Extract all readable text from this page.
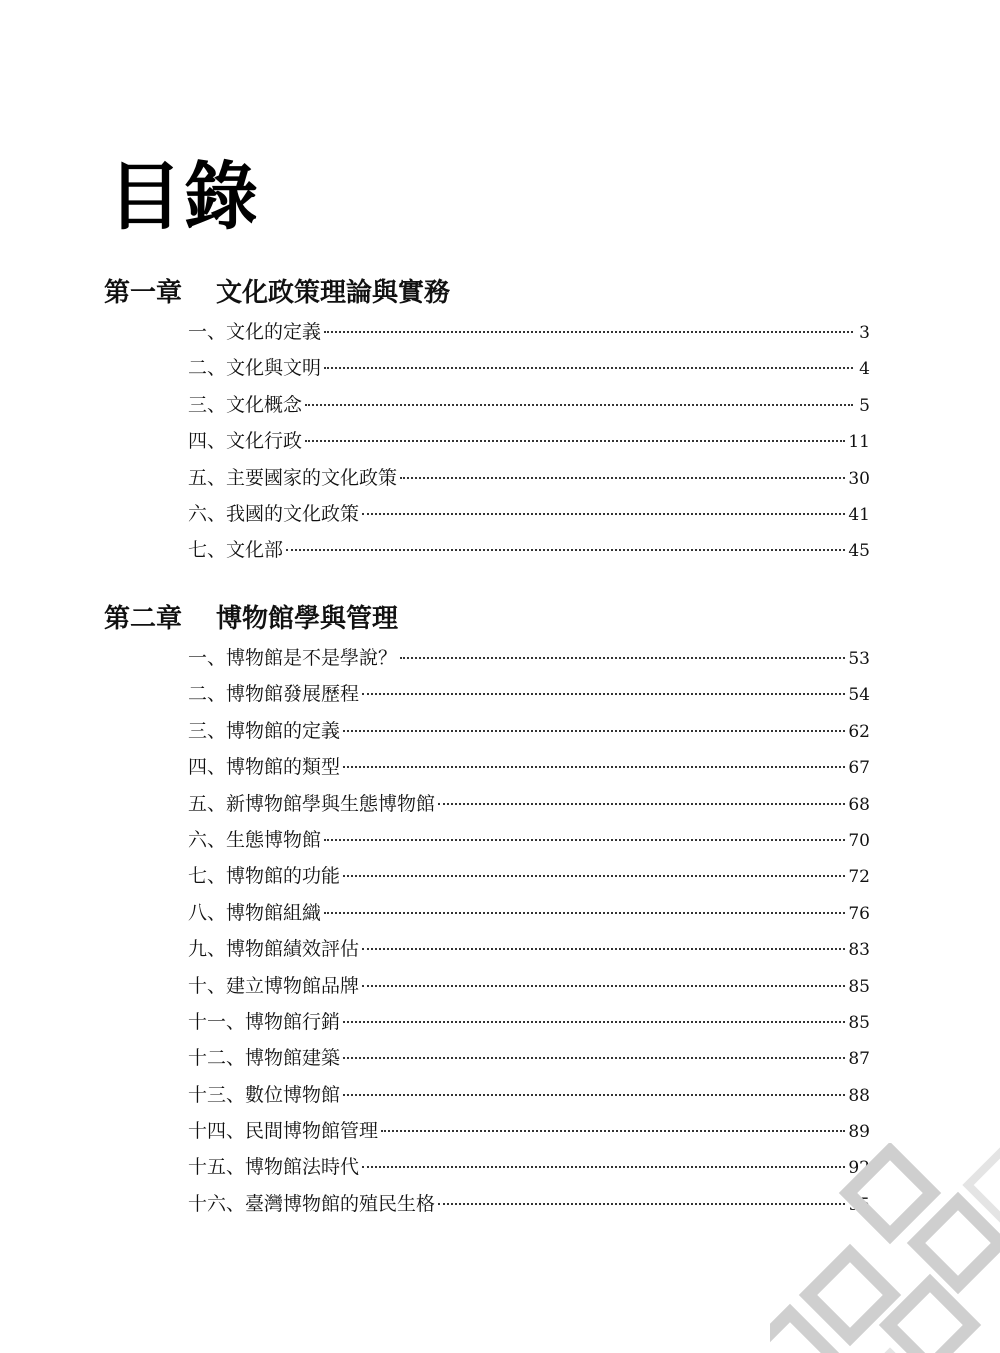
目錄
第一章	文化政策理論與實務
一、文化的定義	3
二、文化與文明	4
三、文化概念	5
四、文化行政	11
五、主要國家的文化政策	30
六、我國的文化政策	41
七、文化部	45
第二章	博物館學與管理
一、博物館是不是學說？	53
二、博物館發展歷程	54
三、博物館的定義	62
四、博物館的類型	67
五、新博物館學與生態博物館	68
六、生態博物館	70
七、博物館的功能	72
八、博物館組織	76
九、博物館績效評估	83
十、建立博物館品牌	85
十一、博物館行銷	85
十二、博物館建築	87
十三、數位博物館	88
十四、民間博物館管理	89
十五、博物館法時代	92
十六、臺灣博物館的殖民生格	95
